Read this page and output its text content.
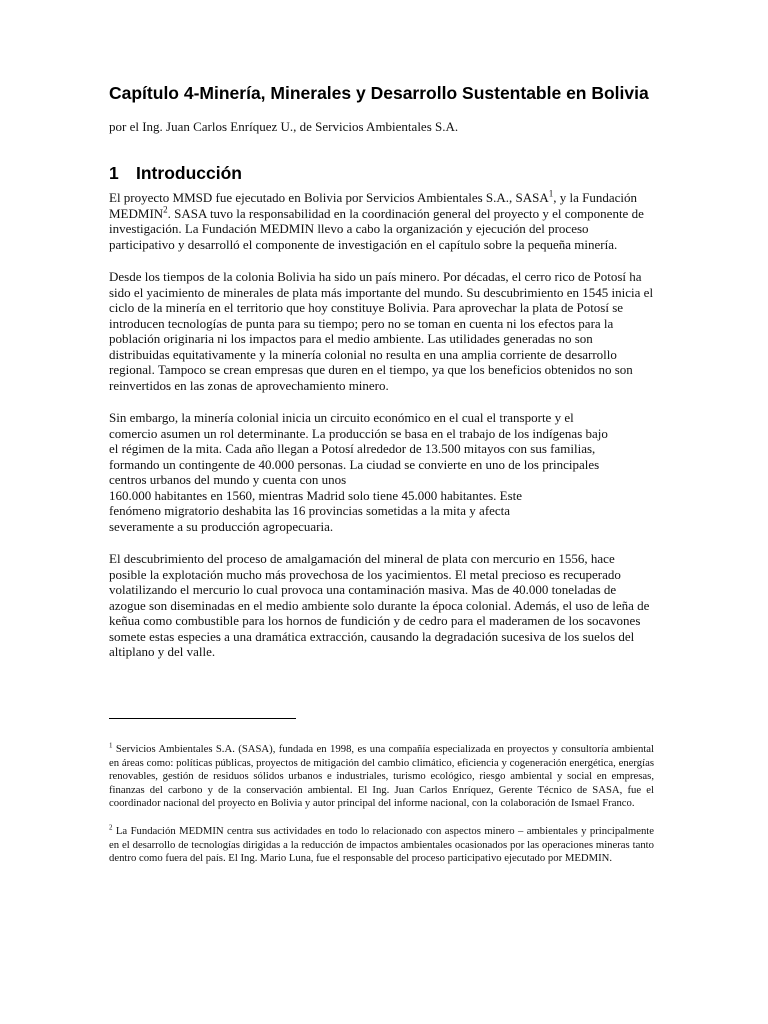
Capítulo 4-Minería, Minerales y Desarrollo Sustentable en Bolivia

por el Ing. Juan Carlos Enríquez U., de Servicios Ambientales S.A.

1 Introducción

El proyecto MMSD fue ejecutado en Bolivia por Servicios Ambientales S.A., SASA$^1$, y la Fundación MEDMIN$^2$. SASA tuvo la responsabilidad en la coordinación general del proyecto y el componente de investigación. La Fundación MEDMIN llevo a cabo la organización y ejecución del proceso participativo y desarrolló el componente de investigación en el capítulo sobre la pequeña minería.

Desde los tiempos de la colonia Bolivia ha sido un país minero. Por décadas, el cerro rico de Potosí ha sido el yacimiento de minerales de plata más importante del mundo. Su descubrimiento en 1545 inicia el ciclo de la minería en el territorio que hoy constituye Bolivia. Para aprovechar la plata de Potosí se introducen tecnologías de punta para su tiempo; pero no se toman en cuenta ni los efectos para la población originaria ni los impactos para el medio ambiente. Las utilidades generadas no son distribuidas equitativamente y la minería colonial no resulta en una amplia corriente de desarrollo regional. Tampoco se crean empresas que duren en el tiempo, ya que los beneficios obtenidos no son reinvertidos en las zonas de aprovechamiento minero.

Sin embargo, la minería colonial inicia un circuito económico en el cual el transporte y el
comercio asumen un rol determinante. La producción se basa en el trabajo de los indígenas bajo
el régimen de la mita. Cada año llegan a Potosí alrededor de 13.500 mitayos con sus familias,
formando un contingente de 40.000 personas. La ciudad se convierte en uno de los principales
centros urbanos del mundo y cuenta con unos
160.000 habitantes en 1560, mientras Madrid solo tiene 45.000 habitantes. Este
fenómeno migratorio deshabita las 16 provincias sometidas a la mita y afecta
severamente a su producción agropecuaria.

El descubrimiento del proceso de amalgamación del mineral de plata con mercurio en 1556, hace posible la explotación mucho más provechosa de los yacimientos. El metal precioso es recuperado volatilizando el mercurio lo cual provoca una contaminación masiva. Mas de 40.000 toneladas de azogue son diseminadas en el medio ambiente solo durante la época colonial. Además, el uso de leña de keñua como combustible para los hornos de fundición y de cedro para el maderamen de los socavones somete estas especies a una dramática extracción, causando la degradación sucesiva de los suelos del altiplano y del valle.

$^1$ Servicios Ambientales S.A. (SASA), fundada en 1998, es una compañía especializada en proyectos y consultoría ambiental en áreas como: políticas públicas, proyectos de mitigación del cambio climático, eficiencia y cogeneración energética, energías renovables, gestión de residuos sólidos urbanos e industriales, turismo ecológico, riesgo ambiental y social en empresas, finanzas del carbono y de la conservación ambiental. El Ing. Juan Carlos Enríquez, Gerente Técnico de SASA, fue el coordinador nacional del proyecto en Bolivia y autor principal del informe nacional, con la colaboración de Ismael Franco.

$^2$ La Fundación MEDMIN centra sus actividades en todo lo relacionado con aspectos minero – ambientales y principalmente en el desarrollo de tecnologías dirigidas a la reducción de impactos ambientales ocasionados por las operaciones mineras tanto dentro como fuera del país. El Ing. Mario Luna, fue el responsable del proceso participativo ejecutado por MEDMIN.
